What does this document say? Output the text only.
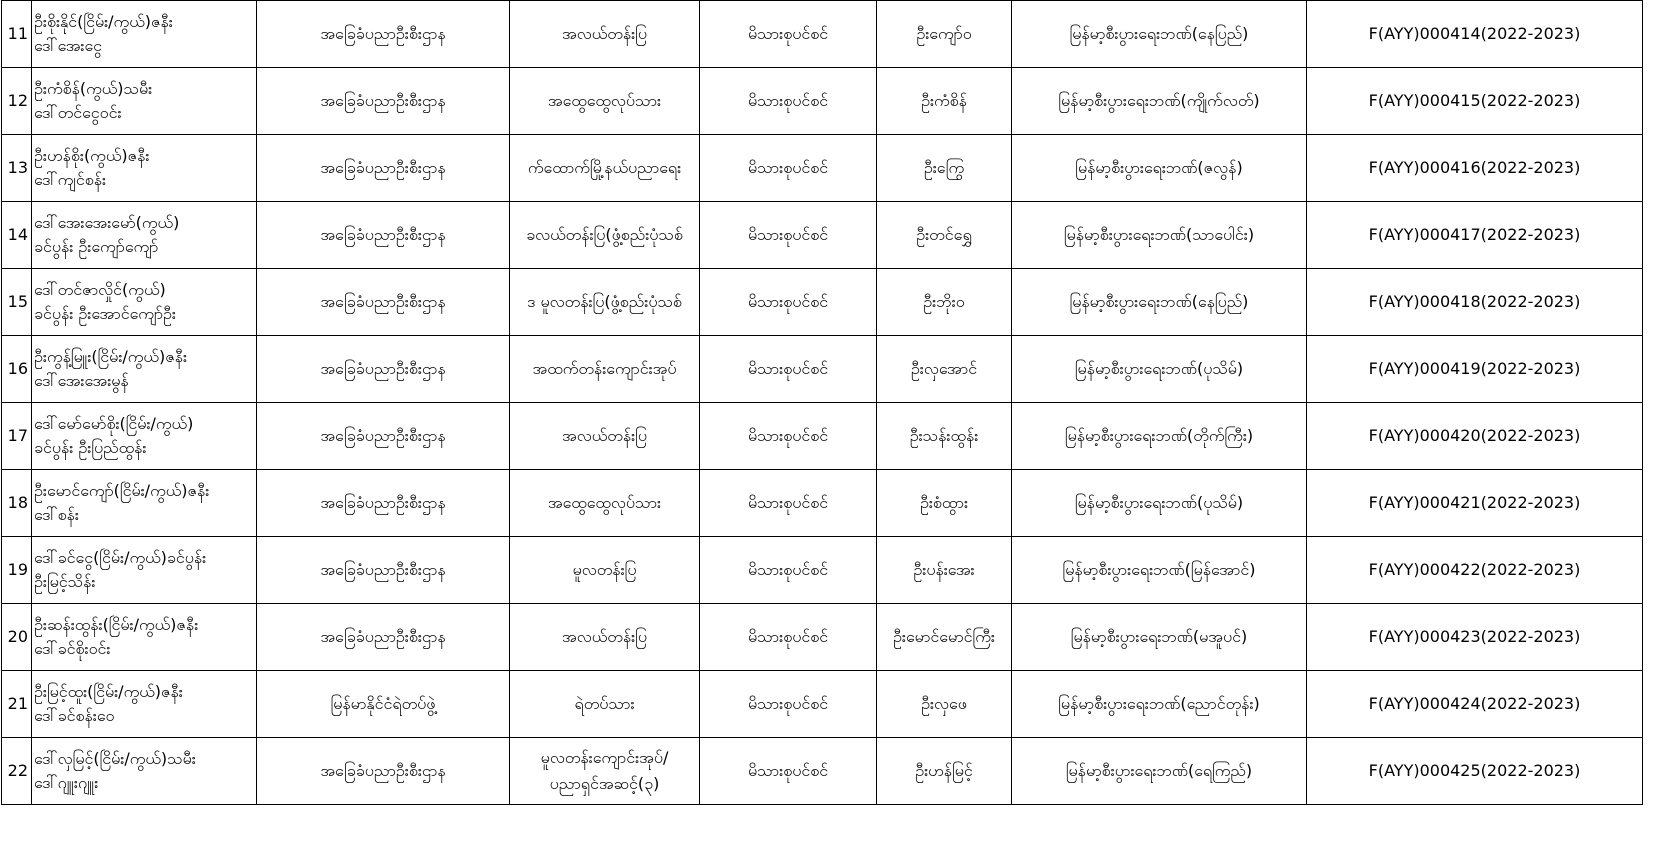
11	ဦးစိုးနိုင်(ငြိမ်း/ကွယ်)ဇနီး
ဒေါ်အေးငွေ	အခြေခံပညာဦးစီးဌာန	အလယ်တန်းပြ	မိသားစုပင်စင်	ဦးကျော်ဝ	မြန်မာ့စီးပွားရေးဘဏ်(နေပြည်)	F(AYY)000414(2022-2023)
12	ဦးကံစိန်(ကွယ်)သမီး
ဒေါ်တင်ငွေဝင်း	အခြေခံပညာဦးစီးဌာန	အထွေထွေလုပ်သား	မိသားစုပင်စင်	ဦးကံစိန်	မြန်မာ့စီးပွားရေးဘဏ်(ကျိုက်လတ်)	F(AYY)000415(2022-2023)
13	ဦးဟန်စိုး(ကွယ်)ဇနီး
ဒေါ်ကျင်စန်း	အခြေခံပညာဦးစီးဌာန	က်ထောက်မြို့နယ်ပညာရေး	မိသားစုပင်စင်	ဦးကြွေ	မြန်မာ့စီးပွားရေးဘဏ်(ဇလွန်)	F(AYY)000416(2022-2023)
14	ဒေါ်အေးအေးမော်(ကွယ်)
ခင်ပွန်း ဦးကျော်ကျော်	အခြေခံပညာဦးစီးဌာန	ခလယ်တန်းပြ(ဖွံ့စည်းပုံသစ်	မိသားစုပင်စင်	ဦးတင်ရွှေ	မြန်မာ့စီးပွားရေးဘဏ်(သာပေါင်း)	F(AYY)000417(2022-2023)
15	ဒေါ်တင်ဇာလှိုင်(ကွယ်)
ခင်ပွန်း ဦးအောင်ကျော်ဦး	အခြေခံပညာဦးစီးဌာန	ဒ မူလတန်းပြ(ဖွံ့စည်းပုံသစ်	မိသားစုပင်စင်	ဦးဘိုးဝ	မြန်မာ့စီးပွားရေးဘဏ်(နေပြည်)	F(AYY)000418(2022-2023)
16	ဦးကွန့်မြူး(ငြိမ်း/ကွယ်)ဇနီး
ဒေါ်အေးအေးမွန်	အခြေခံပညာဦးစီးဌာန	အထက်တန်းကျောင်းအုပ်	မိသားစုပင်စင်	ဦးလှအောင်	မြန်မာ့စီးပွားရေးဘဏ်(ပုသိမ်)	F(AYY)000419(2022-2023)
17	ဒေါ်မော်မော်စိုး(ငြိမ်း/ကွယ်)
ခင်ပွန်း ဦးပြည်ထွန်း	အခြေခံပညာဦးစီးဌာန	အလယ်တန်းပြ	မိသားစုပင်စင်	ဦးသန်းထွန်း	မြန်မာ့စီးပွားရေးဘဏ်(တိုက်ကြီး)	F(AYY)000420(2022-2023)
18	ဦးမောင်ကျော်(ငြိမ်း/ကွယ်)ဇနီး
ဒေါ်စန်း	အခြေခံပညာဦးစီးဌာန	အထွေထွေလုပ်သား	မိသားစုပင်စင်	ဦးစံထွား	မြန်မာ့စီးပွားရေးဘဏ်(ပုသိမ်)	F(AYY)000421(2022-2023)
19	ဒေါ်ခင်ငွေ(ငြိမ်း/ကွယ်)ခင်ပွန်း
ဦးမြင့်သိန်း	အခြေခံပညာဦးစီးဌာန	မူလတန်းပြ	မိသားစုပင်စင်	ဦးပန်းအေး	မြန်မာ့စီးပွားရေးဘဏ်(မြန်အောင်)	F(AYY)000422(2022-2023)
20	ဦးဆန်းထွန်း(ငြိမ်း/ကွယ်)ဇနီး
ဒေါ်ခင်စိုးဝင်း	အခြေခံပညာဦးစီးဌာန	အလယ်တန်းပြ	မိသားစုပင်စင်	ဦးမောင်မောင်ကြီး	မြန်မာ့စီးပွားရေးဘဏ်(မအူပင်)	F(AYY)000423(2022-2023)
21	ဦးမြင့်ထူး(ငြိမ်း/ကွယ်)ဇနီး
ဒေါ်ခင်စန်းဝေ	မြန်မာနိုင်ငံရဲတပ်ဖွဲ့	ရဲတပ်သား	မိသားစုပင်စင်	ဦးလှဖေ	မြန်မာ့စီးပွားရေးဘဏ်(ညောင်တုန်း)	F(AYY)000424(2022-2023)
22	ဒေါ်လှမြင့်(ငြိမ်း/ကွယ်)သမီး
ဒေါ်ဂျူးဂျူး	အခြေခံပညာဦးစီးဌာန	မူလတန်းကျောင်းအုပ်/
ပညာရှင်အဆင့်(၃)	မိသားစုပင်စင်	ဦးဟန်မြင့်	မြန်မာ့စီးပွားရေးဘဏ်(ရေကြည်)	F(AYY)000425(2022-2023)
